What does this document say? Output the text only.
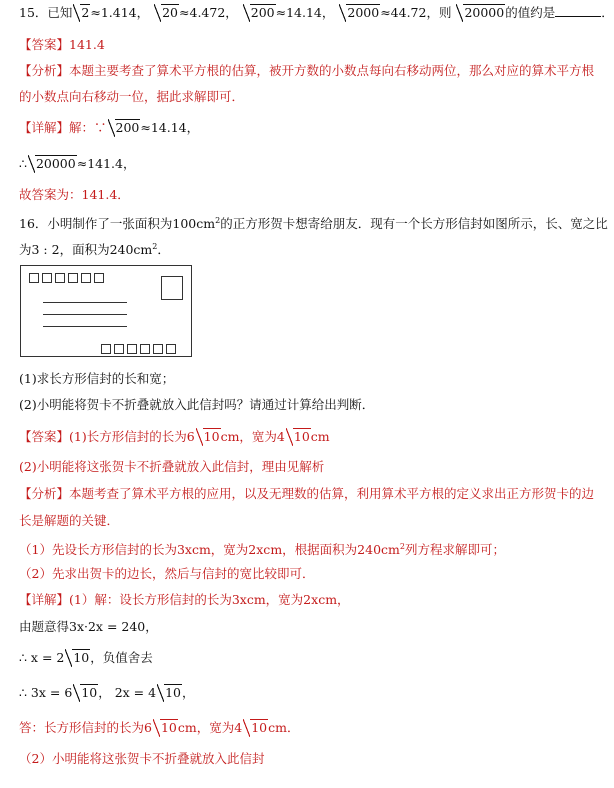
15．已知 2≈1.414， 20≈4.472， 200≈14.14， 2000≈44.72，则 20000的值约是	．
【答案】141.4
【分析】本题主要考查了算术平方根的估算，被开方数的小数点每向右移动两位，那么对应的算术平方根
的小数点向右移动一位，据此求解即可．
【详解】解：∵ 200≈14.14，
∴ 20000≈141.4，
故答案为：141.4．
16．小明制作了一张面积为$100cm^2$的正方形贺卡想寄给朋友．现有一个长方形信封如图所示，长、宽之比
为3 : 2，面积为$240cm^2$．
(1)求长方形信封的长和宽；
(2)小明能将贺卡不折叠就放入此信封吗？请通过计算给出判断．
【答案】(1)长方形信封的长为6 10cm，宽为4 10cm
(2)小明能将这张贺卡不折叠就放入此信封，理由见解析
【分析】本题考查了算术平方根的应用，以及无理数的估算，利用算术平方根的定义求出正方形贺卡的边
长是解题的关键．
（1）先设长方形信封的长为3xcm，宽为2xcm，根据面积为$240cm^2$列方程求解即可；
（2）先求出贺卡的边长，然后与信封的宽比较即可．
【详解】(1）解：设长方形信封的长为3xcm，宽为2xcm，
由题意得3x·2x = 240，
∴ x = 2 10，负值舍去
∴ 3x = 6 10， 2x = 4 10，
答：长方形信封的长为6 10cm，宽为4 10cm．
（2）小明能将这张贺卡不折叠就放入此信封
